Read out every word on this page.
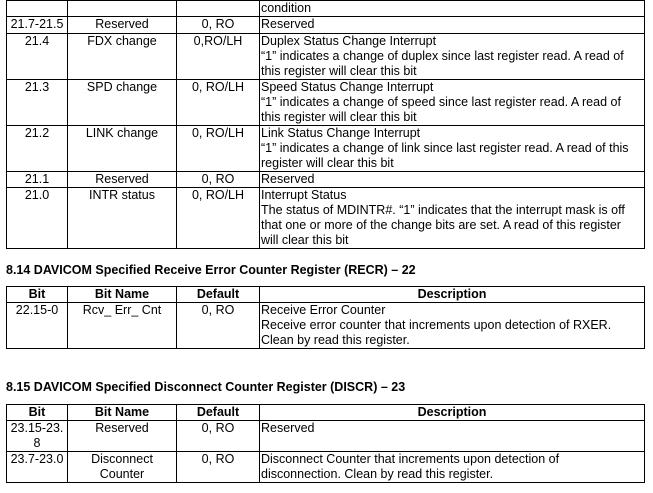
			condition

21.7-21.5	Reserved	0, RO	Reserved

21.4	FDX change	0,RO/LH	Duplex Status Change Interrupt
“1” indicates a change of duplex since last register read. A read of
this register will clear this bit

21.3	SPD change	0, RO/LH	Speed Status Change Interrupt
“1” indicates a change of speed since last register read. A read of
this register will clear this bit

21.2	LINK change	0, RO/LH	Link Status Change Interrupt
“1” indicates a change of link since last register read. A read of this
register will clear this bit

21.1	Reserved	0, RO	Reserved

21.0	INTR status	0, RO/LH	Interrupt Status
The status of MDINTR#. “1” indicates that the interrupt mask is off
that one or more of the change bits are set. A read of this register
will clear this bit
8.14 DAVICOM Specified Receive Error Counter Register (RECR) – 22
Bit	Bit Name	Default	Description
22.15-0	Rcv_ Err_ Cnt	0, RO	Receive Error Counter
Receive error counter that increments upon detection of RXER.
Clean by read this register.
8.15 DAVICOM Specified Disconnect Counter Register (DISCR) – 23
Bit	Bit Name	Default	Description

23.15-23.
8	Reserved	0, RO	Reserved
23.7-23.0	Disconnect
Counter	0, RO	Disconnect Counter that increments upon detection of
disconnection. Clean by read this register.
